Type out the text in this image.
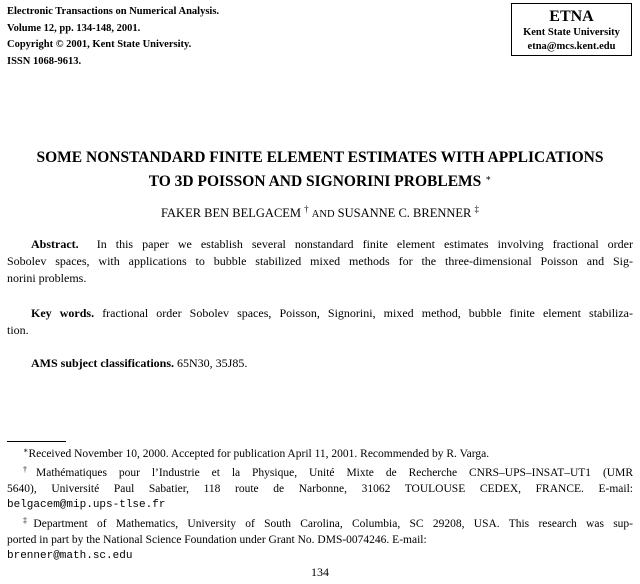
Electronic Transactions on Numerical Analysis.
Volume 12, pp. 134-148, 2001.
Copyright © 2001, Kent State University.
ISSN 1068-9613.
ETNA
Kent State University
etna@mcs.kent.edu
SOME NONSTANDARD FINITE ELEMENT ESTIMATES WITH APPLICATIONS
TO 3D POISSON AND SIGNORINI PROBLEMS ∗
FAKER BEN BELGACEM † AND SUSANNE C. BRENNER ‡
Abstract. In this paper we establish several nonstandard finite element estimates involving fractional order
Sobolev spaces, with applications to bubble stabilized mixed methods for the three-dimensional Poisson and Sig-
norini problems.
Key words. fractional order Sobolev spaces, Poisson, Signorini, mixed method, bubble finite element stabiliza-
tion.
AMS subject classifications. 65N30, 35J85.
∗Received November 10, 2000. Accepted for publication April 11, 2001. Recommended by R. Varga.
†Mathématiques pour l’Industrie et la Physique, Unité Mixte de Recherche CNRS–UPS–INSAT–UT1 (UMR
5640), Université Paul Sabatier, 118 route de Narbonne, 31062 TOULOUSE CEDEX, FRANCE. E-mail:
belgacem@mip.ups-tlse.fr
‡Department of Mathematics, University of South Carolina, Columbia, SC 29208, USA. This research was sup-
ported in part by the National Science Foundation under Grant No. DMS-0074246. E-mail:
brenner@math.sc.edu
134
